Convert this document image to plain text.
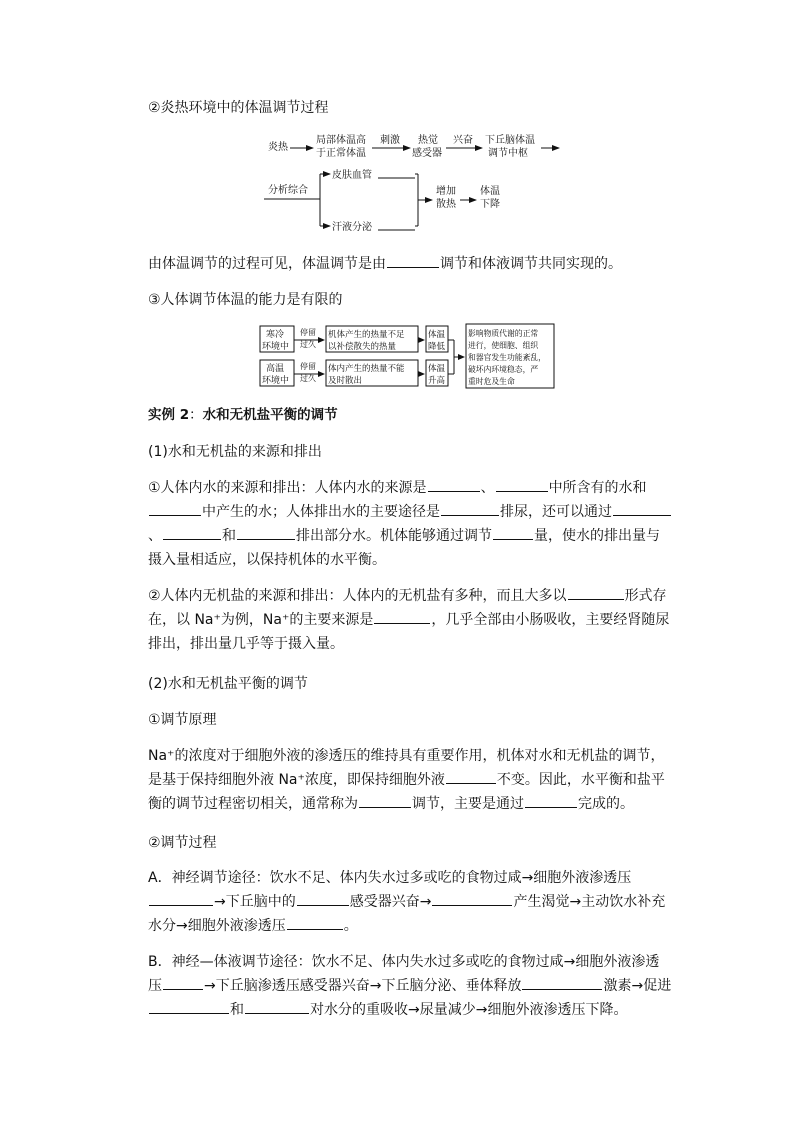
②炎热环境中的体温调节过程

炎热
局部体温高
于正常体温
刺激 热觉
感受器
兴奋 下丘脑体温
调节中枢
分析综合
皮肤血管
汗液分泌
增加
散热
体温
下降

由体温调节的过程可见，体温调节是由	调节和体液调节共同实现的。

③人体调节体温的能力是有限的

寒冷
环境中
停留
过久
机体产生的热量不足
以补偿散失的热量
体温
降低
高温
环境中
停留
过久
体内产生的热量不能
及时散出
体温
升高
影响物质代谢的正常
进行，使细胞、组织
和器官发生功能紊乱，
破坏内环境稳态，严
重时危及生命

实例 2：水和无机盐平衡的调节

(1)水和无机盐的来源和排出

①人体内水的来源和排出：人体内水的来源是	、	中所含有的水和中产生的水；人体排出水的主要途径是	排尿，还可以通过、	和	排出部分水。机体能够通过调节	量，使水的排出量与摄入量相适应，以保持机体的水平衡。

②人体内无机盐的来源和排出：人体内的无机盐有多种，而且大多以	形式存在，以 Na⁺为例，Na⁺的主要来源是	，几乎全部由小肠吸收，主要经肾随尿排出，排出量几乎等于摄入量。

(2)水和无机盐平衡的调节

①调节原理

Na⁺的浓度对于细胞外液的渗透压的维持具有重要作用，机体对水和无机盐的调节，是基于保持细胞外液 Na⁺浓度，即保持细胞外液	不变。因此，水平衡和盐平衡的调节过程密切相关，通常称为	调节，主要是通过	完成的。

②调节过程

A．神经调节途径：饮水不足、体内失水过多或吃的食物过咸→细胞外液渗透压→下丘脑中的	感受器兴奋→	产生渴觉→主动饮水补充水分→细胞外液渗透压	。

B．神经—体液调节途径：饮水不足、体内失水过多或吃的食物过咸→细胞外液渗透压	→下丘脑渗透压感受器兴奋→下丘脑分泌、垂体释放	激素→促进和	对水分的重吸收→尿量减少→细胞外液渗透压下降。
